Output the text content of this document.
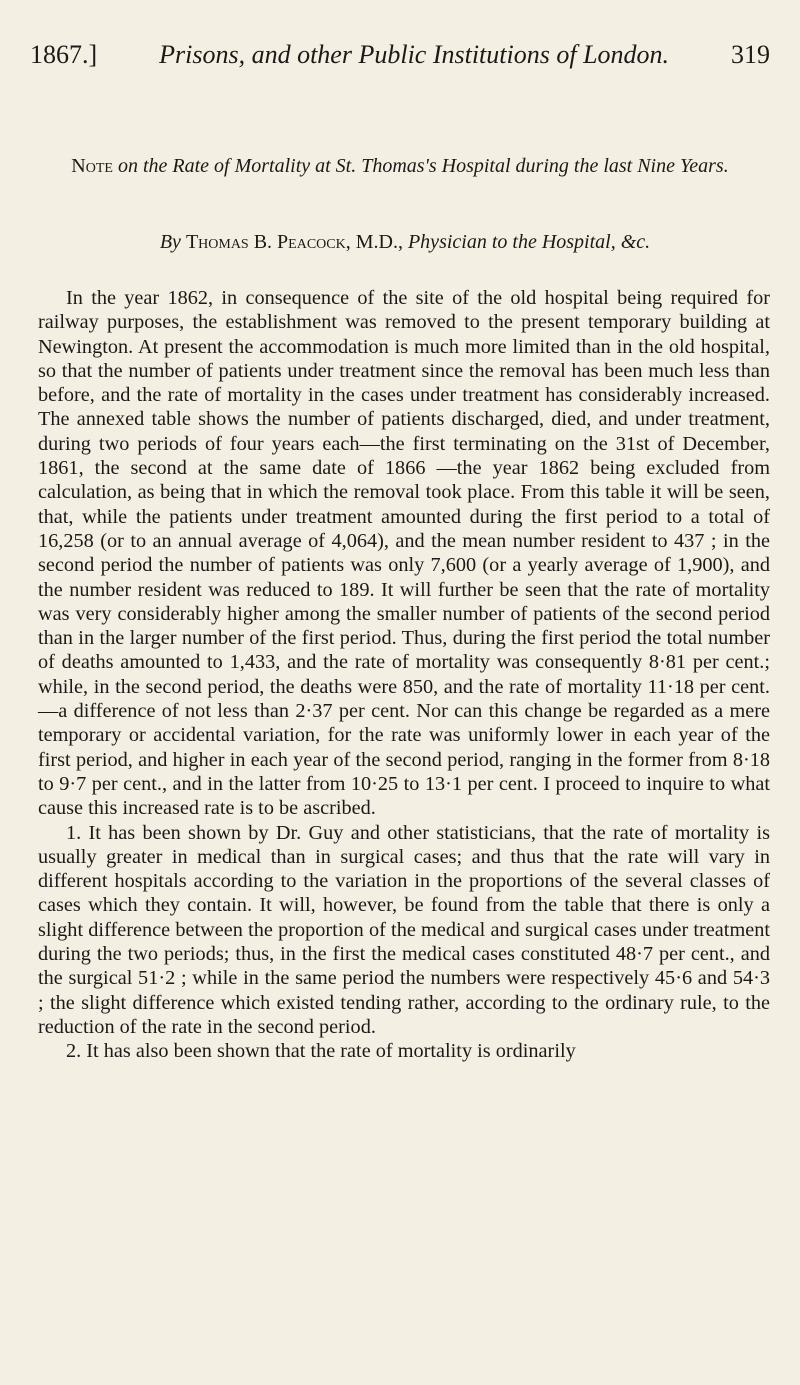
1867.] Prisons, and other Public Institutions of London. 319
Note on the Rate of Mortality at St. Thomas's Hospital during the last Nine Years.
By Thomas B. Peacock, M.D., Physician to the Hospital, &c.

In the year 1862, in consequence of the site of the old hospital being required for railway purposes, the establishment was removed to the present temporary building at Newington. At present the accommodation is much more limited than in the old hospital, so that the number of patients under treatment since the removal has been much less than before, and the rate of mortality in the cases under treatment has considerably increased. The annexed table shows the number of patients discharged, died, and under treatment, during two periods of four years each—the first terminating on the 31st of December, 1861, the second at the same date of 1866 —the year 1862 being excluded from calculation, as being that in which the removal took place. From this table it will be seen, that, while the patients under treatment amounted during the first period to a total of 16,258 (or to an annual average of 4,064), and the mean number resident to 437 ; in the second period the number of patients was only 7,600 (or a yearly average of 1,900), and the number resident was reduced to 189. It will further be seen that the rate of mortality was very considerably higher among the smaller number of patients of the second period than in the larger number of the first period. Thus, during the first period the total number of deaths amounted to 1,433, and the rate of mortality was consequently 8·81 per cent.; while, in the second period, the deaths were 850, and the rate of mortality 11·18 per cent.—a difference of not less than 2·37 per cent. Nor can this change be regarded as a mere temporary or accidental variation, for the rate was uniformly lower in each year of the first period, and higher in each year of the second period, ranging in the former from 8·18 to 9·7 per cent., and in the latter from 10·25 to 13·1 per cent. I proceed to inquire to what cause this increased rate is to be ascribed.

1. It has been shown by Dr. Guy and other statisticians, that the rate of mortality is usually greater in medical than in surgical cases; and thus that the rate will vary in different hospitals according to the variation in the proportions of the several classes of cases which they contain. It will, however, be found from the table that there is only a slight difference between the proportion of the medical and surgical cases under treatment during the two periods; thus, in the first the medical cases constituted 48·7 per cent., and the surgical 51·2 ; while in the same period the numbers were respectively 45·6 and 54·3 ; the slight difference which existed tending rather, according to the ordinary rule, to the reduction of the rate in the second period.

2. It has also been shown that the rate of mortality is ordinarily
